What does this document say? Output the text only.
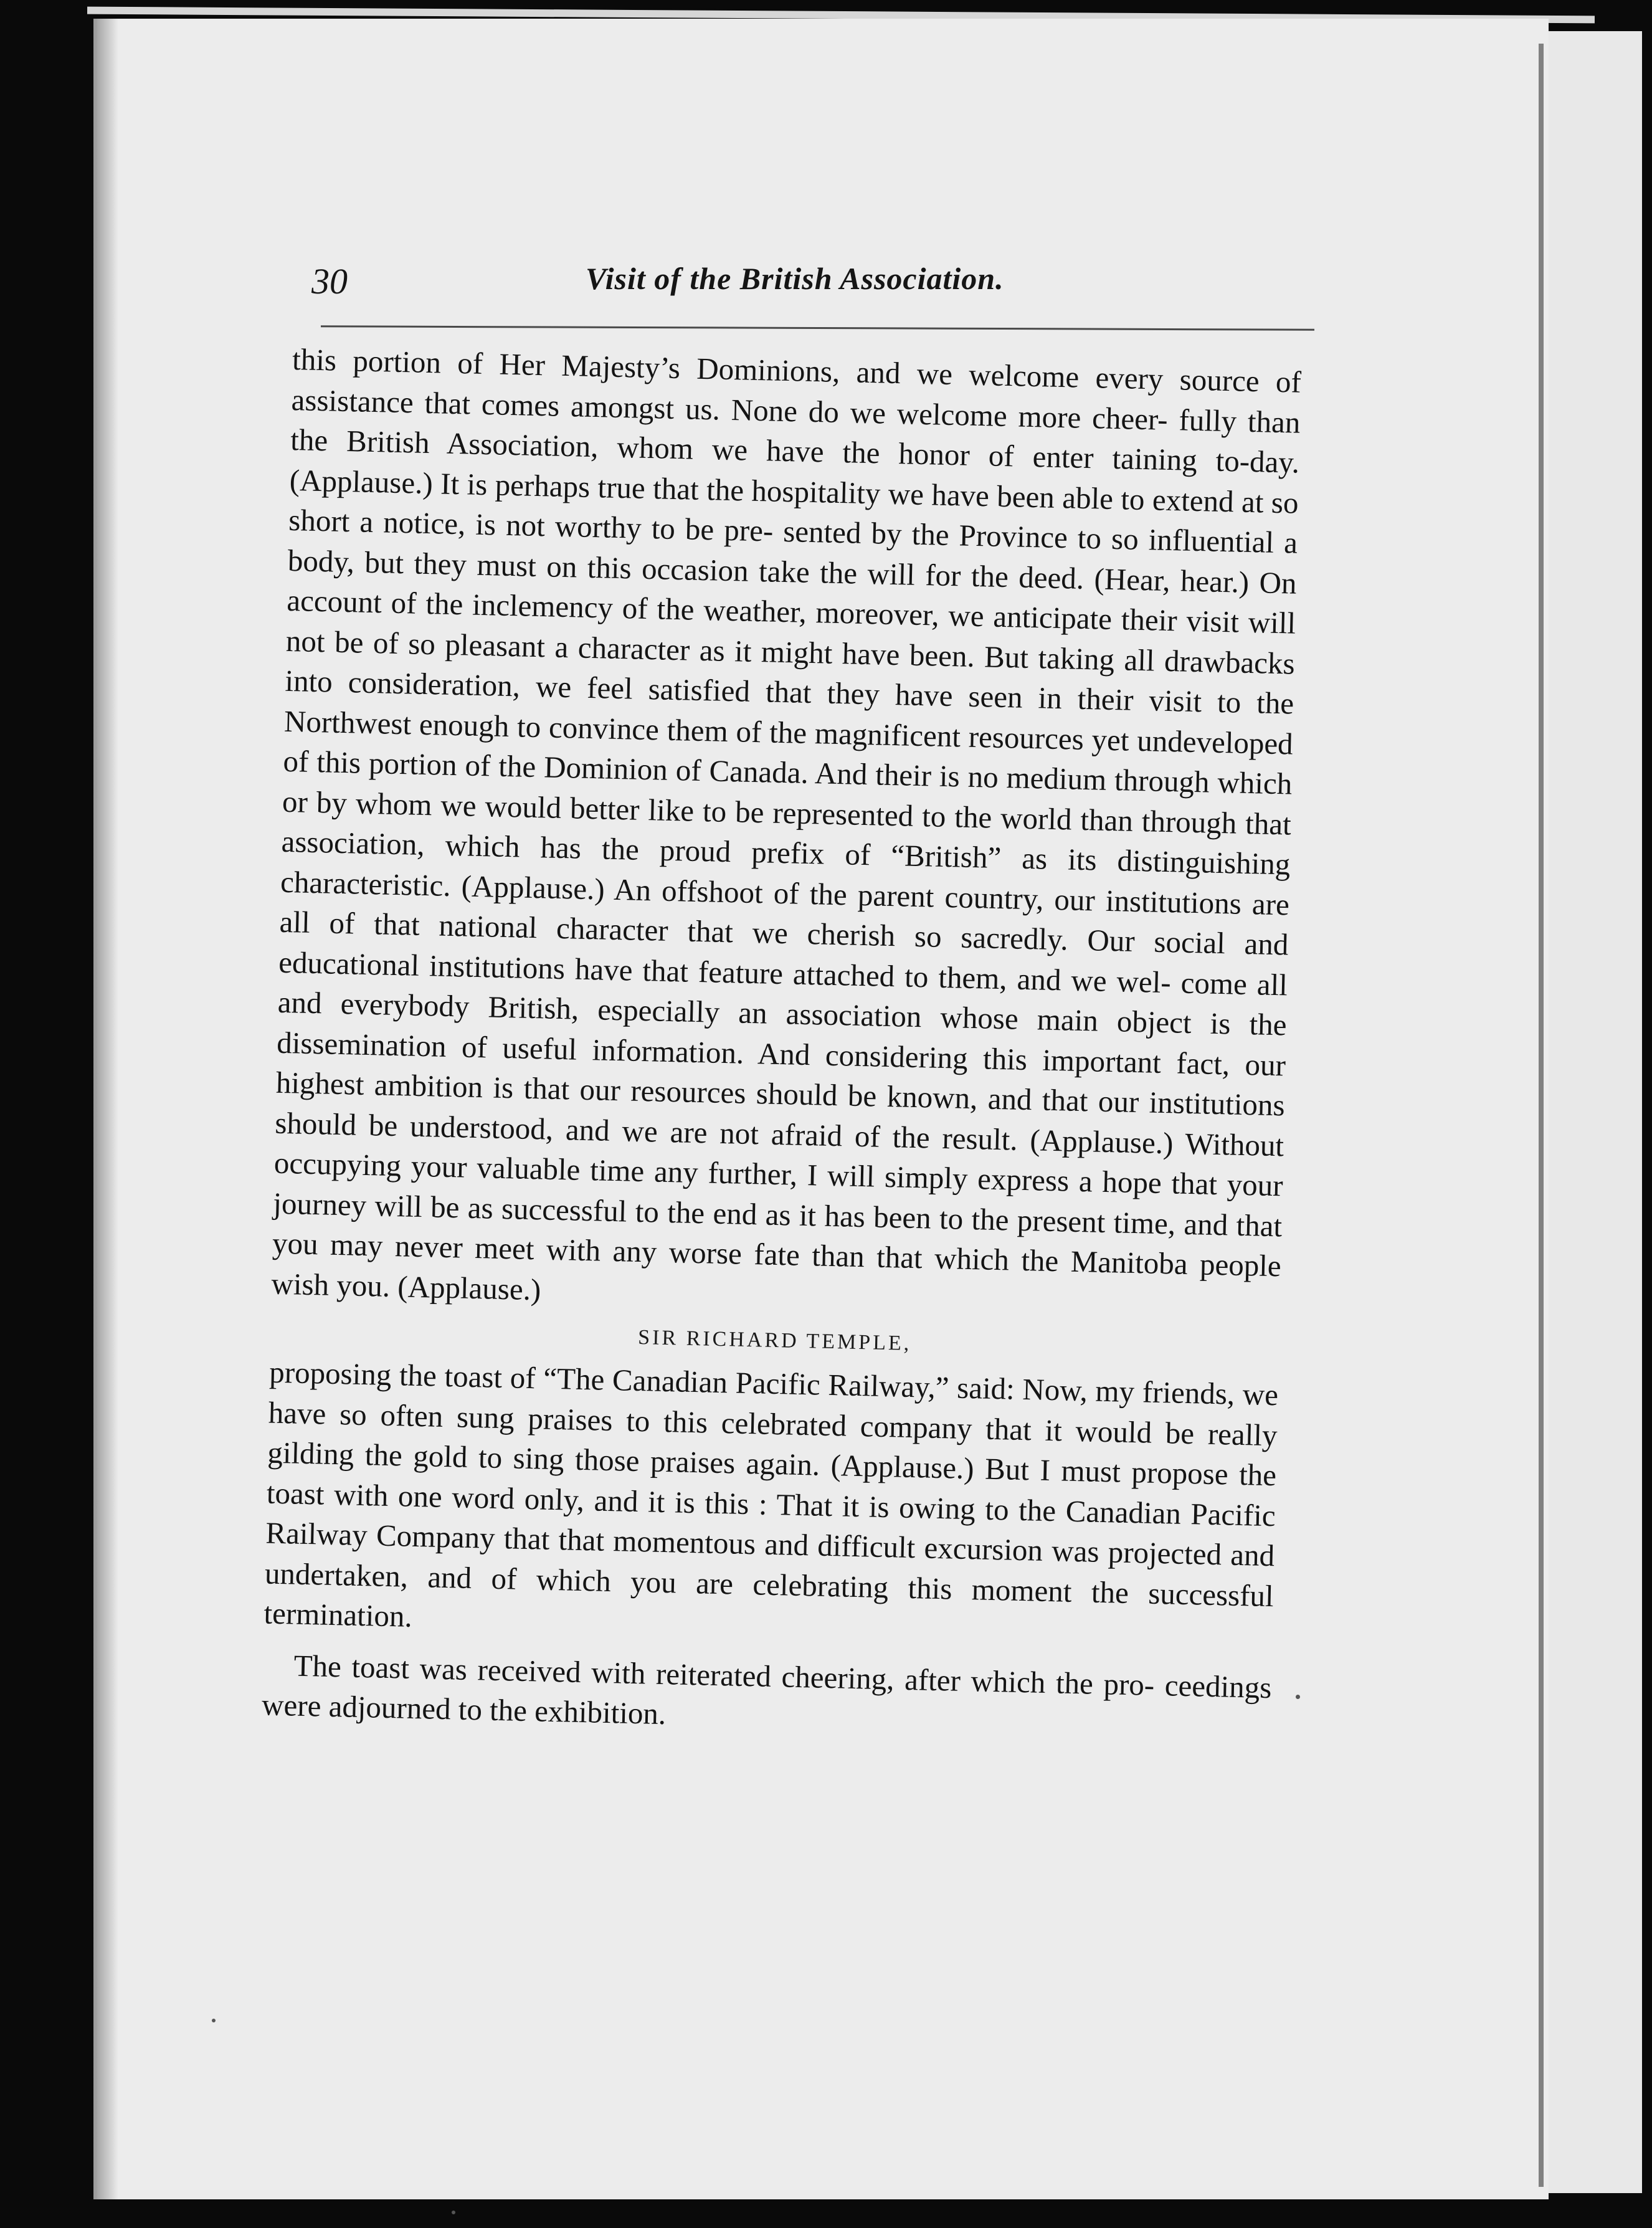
30	Visit of the British Association.

this portion of Her Majesty’s Dominions, and we welcome every source of assistance that comes amongst us. None do we welcome more cheer- fully than the British Association, whom we have the honor of enter taining to-day. (Applause.) It is perhaps true that the hospitality we have been able to extend at so short a notice, is not worthy to be pre- sented by the Province to so influential a body, but they must on this occasion take the will for the deed. (Hear, hear.) On account of the inclemency of the weather, moreover, we anticipate their visit will not be of so pleasant a character as it might have been. But taking all drawbacks into consideration, we feel satisfied that they have seen in their visit to the Northwest enough to convince them of the magnificent resources yet undeveloped of this portion of the Dominion of Canada. And their is no medium through which or by whom we would better like to be represented to the world than through that association, which has the proud prefix of “British” as its distinguishing characteristic. (Applause.) An offshoot of the parent country, our institutions are all of that national character that we cherish so sacredly. Our social and educational institutions have that feature attached to them, and we wel- come all and everybody British, especially an association whose main object is the dissemination of useful information. And considering this important fact, our highest ambition is that our resources should be known, and that our institutions should be understood, and we are not afraid of the result. (Applause.) Without occupying your valuable time any further, I will simply express a hope that your journey will be as successful to the end as it has been to the present time, and that you may never meet with any worse fate than that which the Manitoba people wish you. (Applause.)

SIR RICHARD TEMPLE,

proposing the toast of “The Canadian Pacific Railway,” said: Now, my friends, we have so often sung praises to this celebrated company that it would be really gilding the gold to sing those praises again. (Applause.) But I must propose the toast with one word only, and it is this : That it is owing to the Canadian Pacific Railway Company that that momentous and difficult excursion was projected and undertaken, and of which you are celebrating this moment the successful termination.

The toast was received with reiterated cheering, after which the pro- ceedings were adjourned to the exhibition.
